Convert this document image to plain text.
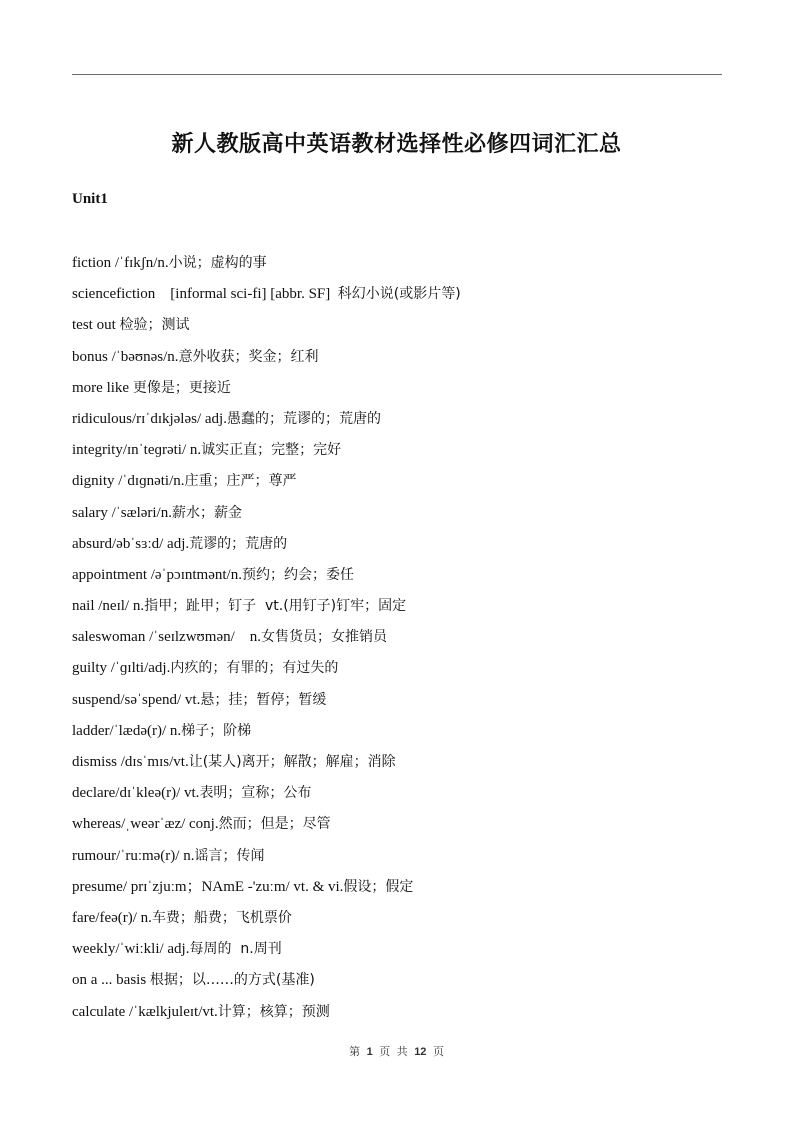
新人教版高中英语教材选择性必修四词汇汇总
Unit1
fiction /ˈfɪkʃn/n.小说；虚构的事
sciencefiction    [informal sci-fi] [abbr. SF]  科幻小说(或影片等)
test out 检验；测试
bonus /ˈbəʊnəs/n.意外收获；奖金；红利
more like 更像是；更接近
ridiculous/rɪˈdɪkjələs/ adj.愚蠢的；荒谬的；荒唐的
integrity/ɪnˈteɡrəti/ n.诚实正直；完整；完好
dignity /ˈdɪɡnəti/n.庄重；庄严；尊严
salary /ˈsæləri/n.薪水；薪金
absurd/əbˈsɜːd/ adj.荒谬的；荒唐的
appointment /əˈpɔɪntmənt/n.预约；约会；委任
nail /neɪl/ n.指甲；趾甲；钉子  vt.(用钉子)钉牢；固定
saleswoman /ˈseɪlzwʊmən/    n.女售货员；女推销员
guilty /ˈɡɪlti/adj.内疚的；有罪的；有过失的
suspend/səˈspend/ vt.悬；挂；暂停；暂缓
ladder/ˈlædə(r)/ n.梯子；阶梯
dismiss /dɪsˈmɪs/vt.让(某人)离开；解散；解雇；消除
declare/dɪˈkleə(r)/ vt.表明；宣称；公布
whereas/ˌweərˈæz/ conj.然而；但是；尽管
rumour/ˈruːmə(r)/ n.谣言；传闻
presume/ prɪˈzjuːm；NAmE -'zuːm/ vt. & vi.假设；假定
fare/feə(r)/ n.车费；船费；飞机票价
weekly/ˈwiːkli/ adj.每周的  n.周刊
on a ... basis 根据；以……的方式(基准)
calculate /ˈkælkjuleɪt/vt.计算；核算；预测
第 1 页 共 12 页
